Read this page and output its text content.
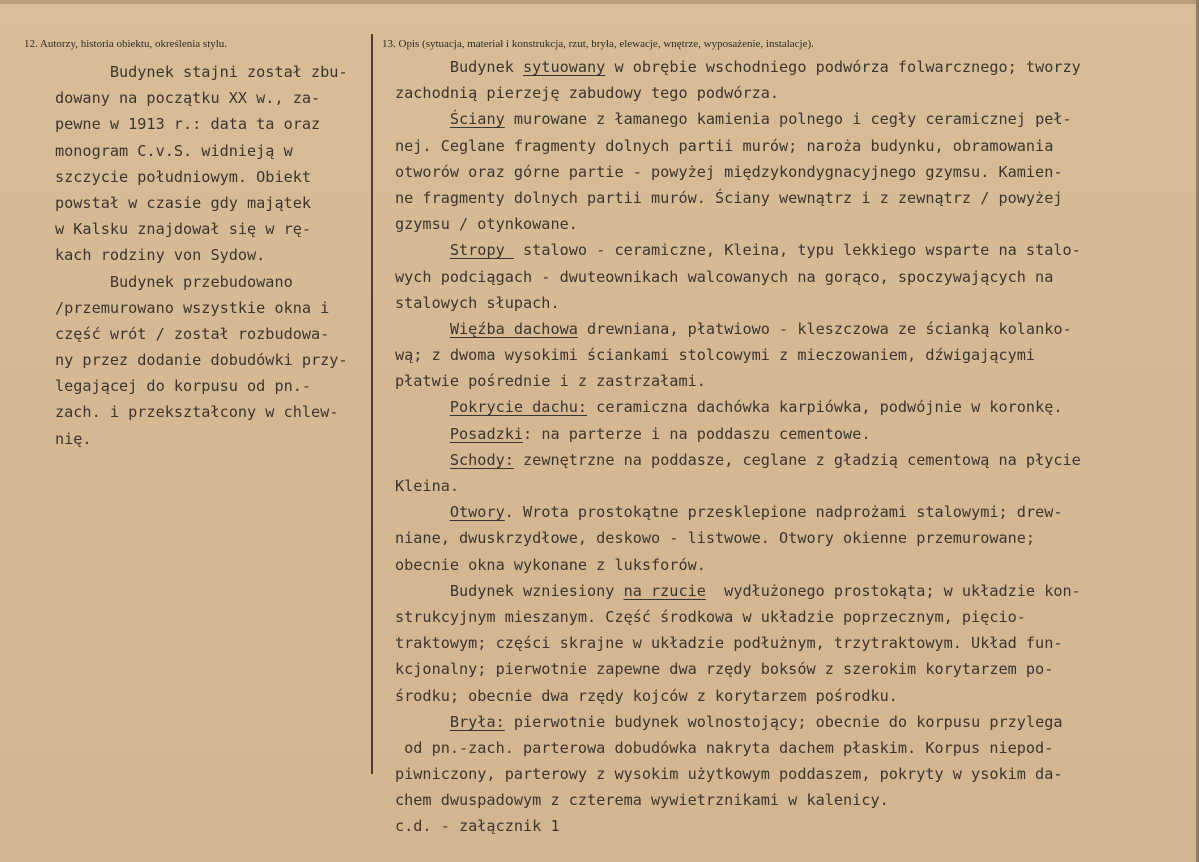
12. Autorzy, historia obiektu, określenia stylu.	13. Opis (sytuacja, materiał i konstrukcja, rzut, bryła, elewacje, wnętrze, wyposażenie, instalacje).
Budynek stajni został zbu-
dowany na początku XX w., za-
pewne w 1913 r.: data ta oraz
monogram C.v.S. widnieją w
szczycie południowym. Obiekt
powstał w czasie gdy majątek
w Kalsku znajdował się w rę-
kach rodziny von Sydow.
Budynek przebudowano
/przemurowano wszystkie okna i
część wrót / został rozbudowa-
ny przez dodanie dobudówki przy-
legającej do korpusu od pn.-
zach. i przekształcony w chlew-
nię.
Budynek sytuowany w obrębie wschodniego podwórza folwarcznego; tworzy
zachodnią pierzeję zabudowy tego podwórza.
Ściany murowane z łamanego kamienia polnego i cegły ceramicznej peł-
nej. Ceglane fragmenty dolnych partii murów; naroża budynku, obramowania
otworów oraz górne partie - powyżej międzykondygnacyjnego gzymsu. Kamien-
ne fragmenty dolnych partii murów. Ściany wewnątrz i z zewnątrz / powyżej
gzymsu / otynkowane.
Stropy  stalowo - ceramiczne, Kleina, typu lekkiego wsparte na stalo-
wych podciągach - dwuteownikach walcowanych na gorąco, spoczywających na
stalowych słupach.
Więźba dachowa drewniana, płatwiowo - kleszczowa ze ścianką kolanko-
wą; z dwoma wysokimi ściankami stolcowymi z mieczowaniem, dźwigającymi
płatwie pośrednie i z zastrzałami.
Pokrycie dachu: ceramiczna dachówka karpiówka, podwójnie w koronkę.
Posadzki: na parterze i na poddaszu cementowe.
Schody: zewnętrzne na poddasze, ceglane z gładzią cementową na płycie
Kleina.
Otwory. Wrota prostokątne przesklepione nadprożami stalowymi; drew-
niane, dwuskrzydłowe, deskowo - listwowe. Otwory okienne przemurowane;
obecnie okna wykonane z luksforów.
Budynek wzniesiony na rzucie  wydłużonego prostokąta; w układzie kon-
strukcyjnym mieszanym. Część środkowa w układzie poprzecznym, pięcio-
traktowym; części skrajne w układzie podłużnym, trzytraktowym. Układ fun-
kcjonalny; pierwotnie zapewne dwa rzędy boksów z szerokim korytarzem po-
środku; obecnie dwa rzędy kojców z korytarzem pośrodku.
Bryła: pierwotnie budynek wolnostojący; obecnie do korpusu przylega
od pn.-zach. parterowa dobudówka nakryta dachem płaskim. Korpus niepod-
piwniczony, parterowy z wysokim użytkowym poddaszem, pokryty w ysokim da-
chem dwuspadowym z czterema wywietrznikami w kalenicy.
c.d. - załącznik 1
